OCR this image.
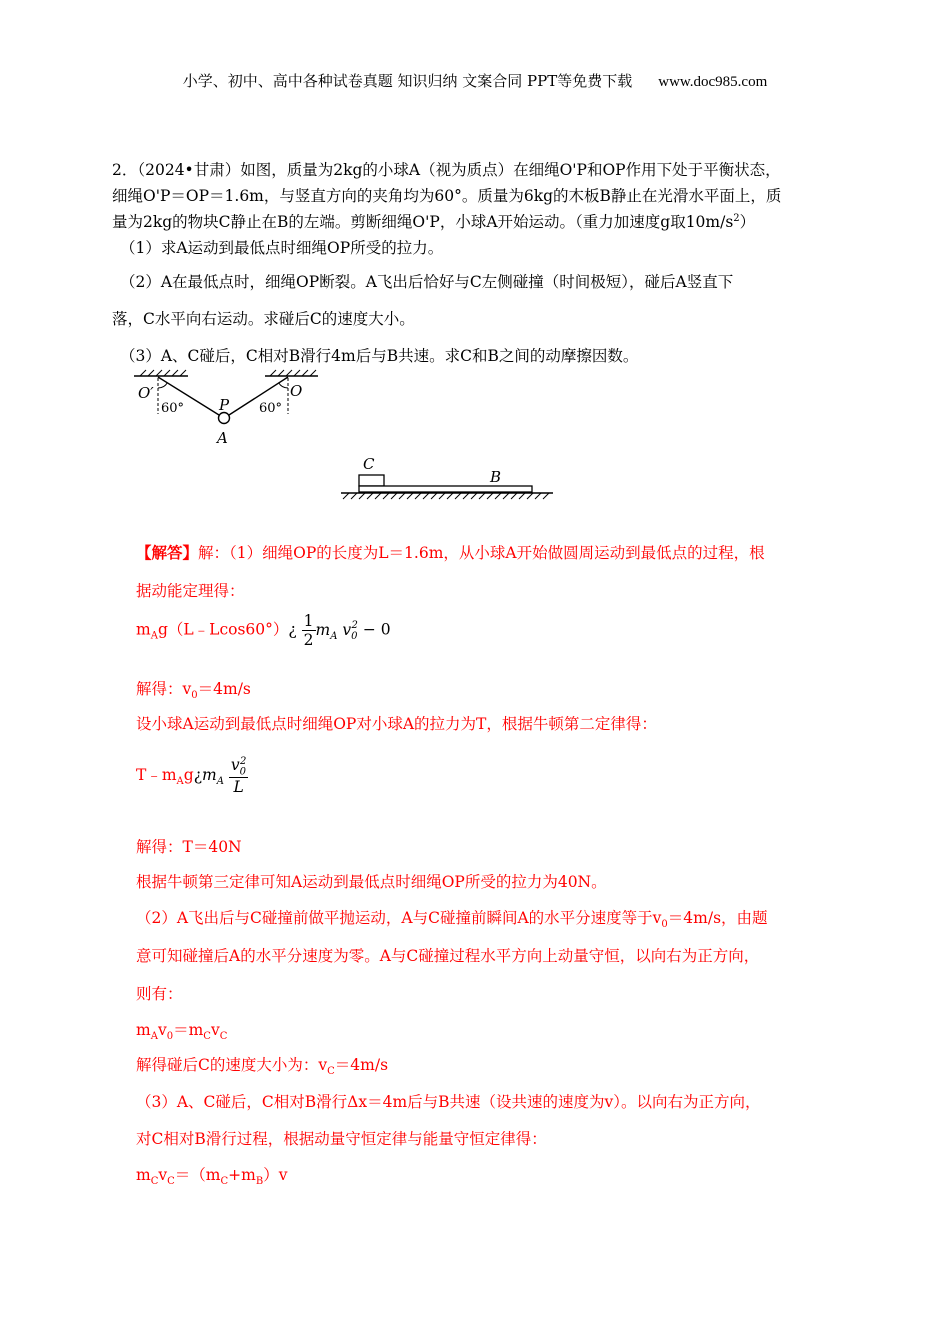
小学、初中、高中各种试卷真题 知识归纳 文案合同 PPT等免费下载 www.doc985.com
2．（2024•甘肃）如图，质量为2kg的小球A（视为质点）在细绳O'P和OP作用下处于平衡状态，
细绳O'P＝OP＝1.6m，与竖直方向的夹角均为60°。质量为6kg的木板B静止在光滑水平面上，质
量为2kg的物块C静止在B的左端。剪断细绳O'P，小球A开始运动。（重力加速度g取$10m/s^2$）
（1）求A运动到最低点时细绳OP所受的拉力。
（2）A在最低点时，细绳OP断裂。A飞出后恰好与C左侧碰撞（时间极短），碰后A竖直下
落，C水平向右运动。求碰后C的速度大小。
（3）A、C碰后，C相对B滑行4m后与B共速。求C和B之间的动摩擦因数。
O′	O
P
A
60°	60°
C
B
【解答】解：（1）细绳OP的长度为L＝1.6m，从小球A开始做圆周运动到最低点的过程，根
据动能定理得：
$m_Ag(L﹣Lcos60^\circ)¿ \frac{1}{2} m_A$ $v_0^2 - 0$
解得：$v_0=4m/s$
设小球A运动到最低点时细绳OP对小球A的拉力为T，根据牛顿第二定律得：
$T﹣m_Ag¿m_A \frac{v_0^2}{L}$
解得：T＝40N
根据牛顿第三定律可知A运动到最低点时细绳OP所受的拉力为40N。
（2）A飞出后与C碰撞前做平抛运动，A与C碰撞前瞬间A的水平分速度等于$v_0=4m/s$，由题
意可知碰撞后A的水平分速度为零。A与C碰撞过程水平方向上动量守恒，以向右为正方向，
则有：
$m_Av_0=m_Cv_C$
解得碰后C的速度大小为：$v_C=4m/s$
（3）A、C碰后，C相对B滑行Δx＝4m后与B共速（设共速的速度为v）。以向右为正方向，
对C相对B滑行过程，根据动量守恒定律与能量守恒定律得：
$m_Cv_C=(m_C+m_B)v$
